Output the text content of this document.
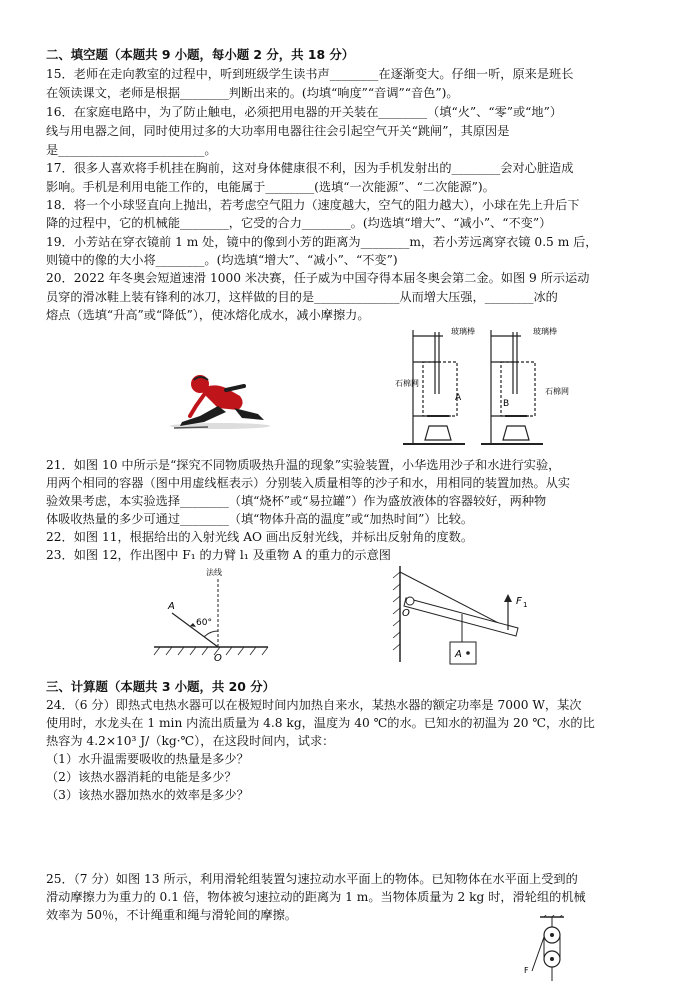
二、填空题（本题共 9 小题，每小题 2 分，共 18 分）
15．老师在走向教室的过程中，听到班级学生读书声________在逐渐变大。仔细一听，原来是班长
在领读课文，老师是根据________判断出来的。(均填“响度”“音调”“音色”)。
16．在家庭电路中，为了防止触电，必须把用电器的开关装在________（填“火”、“零”或“地”）
线与用电器之间，同时使用过多的大功率用电器往往会引起空气开关“跳闸”，其原因是
是________________________。
17．很多人喜欢将手机挂在胸前，这对身体健康很不利，因为手机发射出的________会对心脏造成
影响。手机是利用电能工作的，电能属于________(选填“一次能源”、“二次能源”)。
18．将一个小球竖直向上抛出，若考虑空气阻力（速度越大，空气的阻力越大），小球在先上升后下
降的过程中，它的机械能________，它受的合力________。(均选填“增大”、“减小”、“不变”）
19．小芳站在穿衣镜前 1 m 处，镜中的像到小芳的距离为________m，若小芳远离穿衣镜 0.5 m 后，
则镜中的像的大小将________。(均选填“增大”、“减小”、“不变”)
20．2022 年冬奥会短道速滑 1000 米决赛，任子威为中国夺得本届冬奥会第二金。如图 9 所示运动
员穿的滑冰鞋上装有锋利的冰刀，这样做的目的是______________从而增大压强，________冰的
熔点（选填“升高”或“降低”），使冰熔化成水，减小摩擦力。
玻璃棒	玻璃棒
石棉网
石棉网
A
B
21．如图 10 中所示是“探究不同物质吸热升温的现象”实验装置，小华选用沙子和水进行实验，
用两个相同的容器（图中用虚线框表示）分别装入质量相等的沙子和水，用相同的装置加热。从实
验效果考虑，本实验选择________（填“烧杯”或“易拉罐”）作为盛放液体的容器较好，两种物
体吸收热量的多少可通过________（填“物体升高的温度”或“加热时间”）比较。
22．如图 11，根据给出的入射光线 AO 画出反射光线，并标出反射角的度数。
23．如图 12，作出图中 F₁ 的力臂 l₁ 及重物 A 的重力的示意图
法线
A
60°
O
O
F 1
A
三、计算题（本题共 3 小题，共 20 分）
24．（6 分）即热式电热水器可以在极短时间内加热自来水，某热水器的额定功率是 7000 W，某次
使用时，水龙头在 1 min 内流出质量为 4.8 kg，温度为 40 ℃的水。已知水的初温为 20 ℃，水的比
热容为 4.2×10³ J/（kg·℃），在这段时间内，试求：
（1）水升温需要吸收的热量是多少？
（2）该热水器消耗的电能是多少？
（3）该热水器加热水的效率是多少？
25．（7 分）如图 13 所示，利用滑轮组装置匀速拉动水平面上的物体。已知物体在水平面上受到的
滑动摩擦力为重力的 0.1 倍，物体被匀速拉动的距离为 1 m。当物体质量为 2 kg 时，滑轮组的机械
效率为 50％，不计绳重和绳与滑轮间的摩擦。
F
